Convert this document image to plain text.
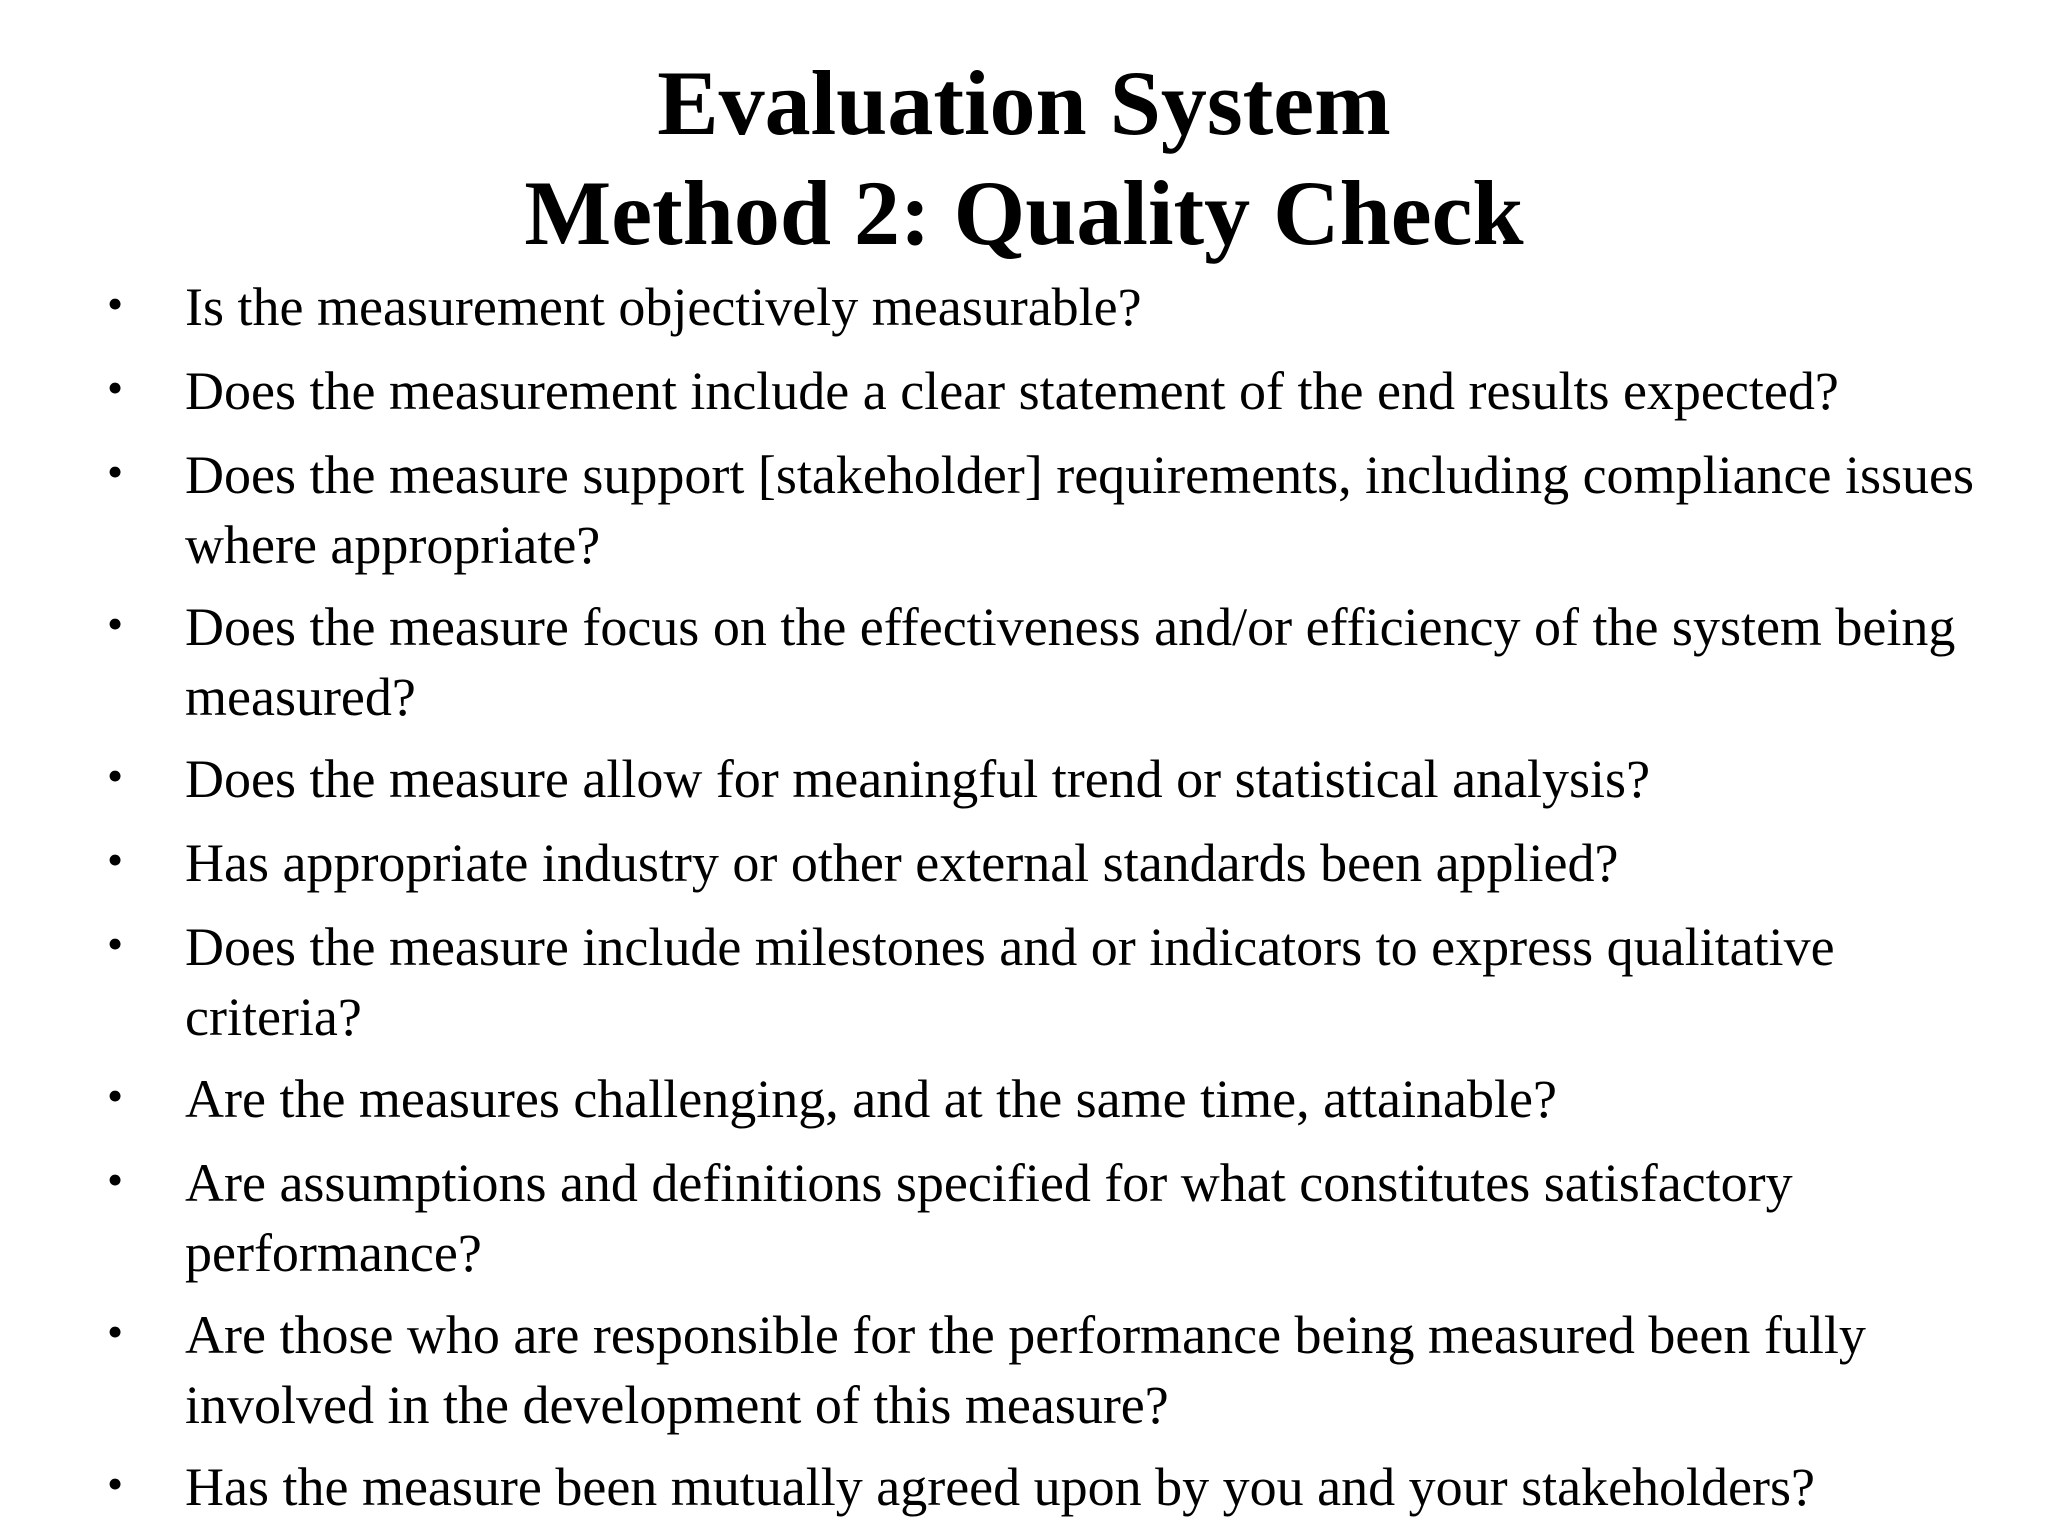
Evaluation System
Method 2: Quality Check
• Is the measurement objectively measurable?
• Does the measurement include a clear statement of the end results expected?
• Does the measure support [stakeholder] requirements, including compliance issues where appropriate?
• Does the measure focus on the effectiveness and/or efficiency of the system being measured?
• Does the measure allow for meaningful trend or statistical analysis?
• Has appropriate industry or other external standards been applied?
• Does the measure include milestones and or indicators to express qualitative criteria?
• Are the measures challenging, and at the same time, attainable?
• Are assumptions and definitions specified for what constitutes satisfactory performance?
• Are those who are responsible for the performance being measured been fully involved in the development of this measure?
• Has the measure been mutually agreed upon by you and your stakeholders?
